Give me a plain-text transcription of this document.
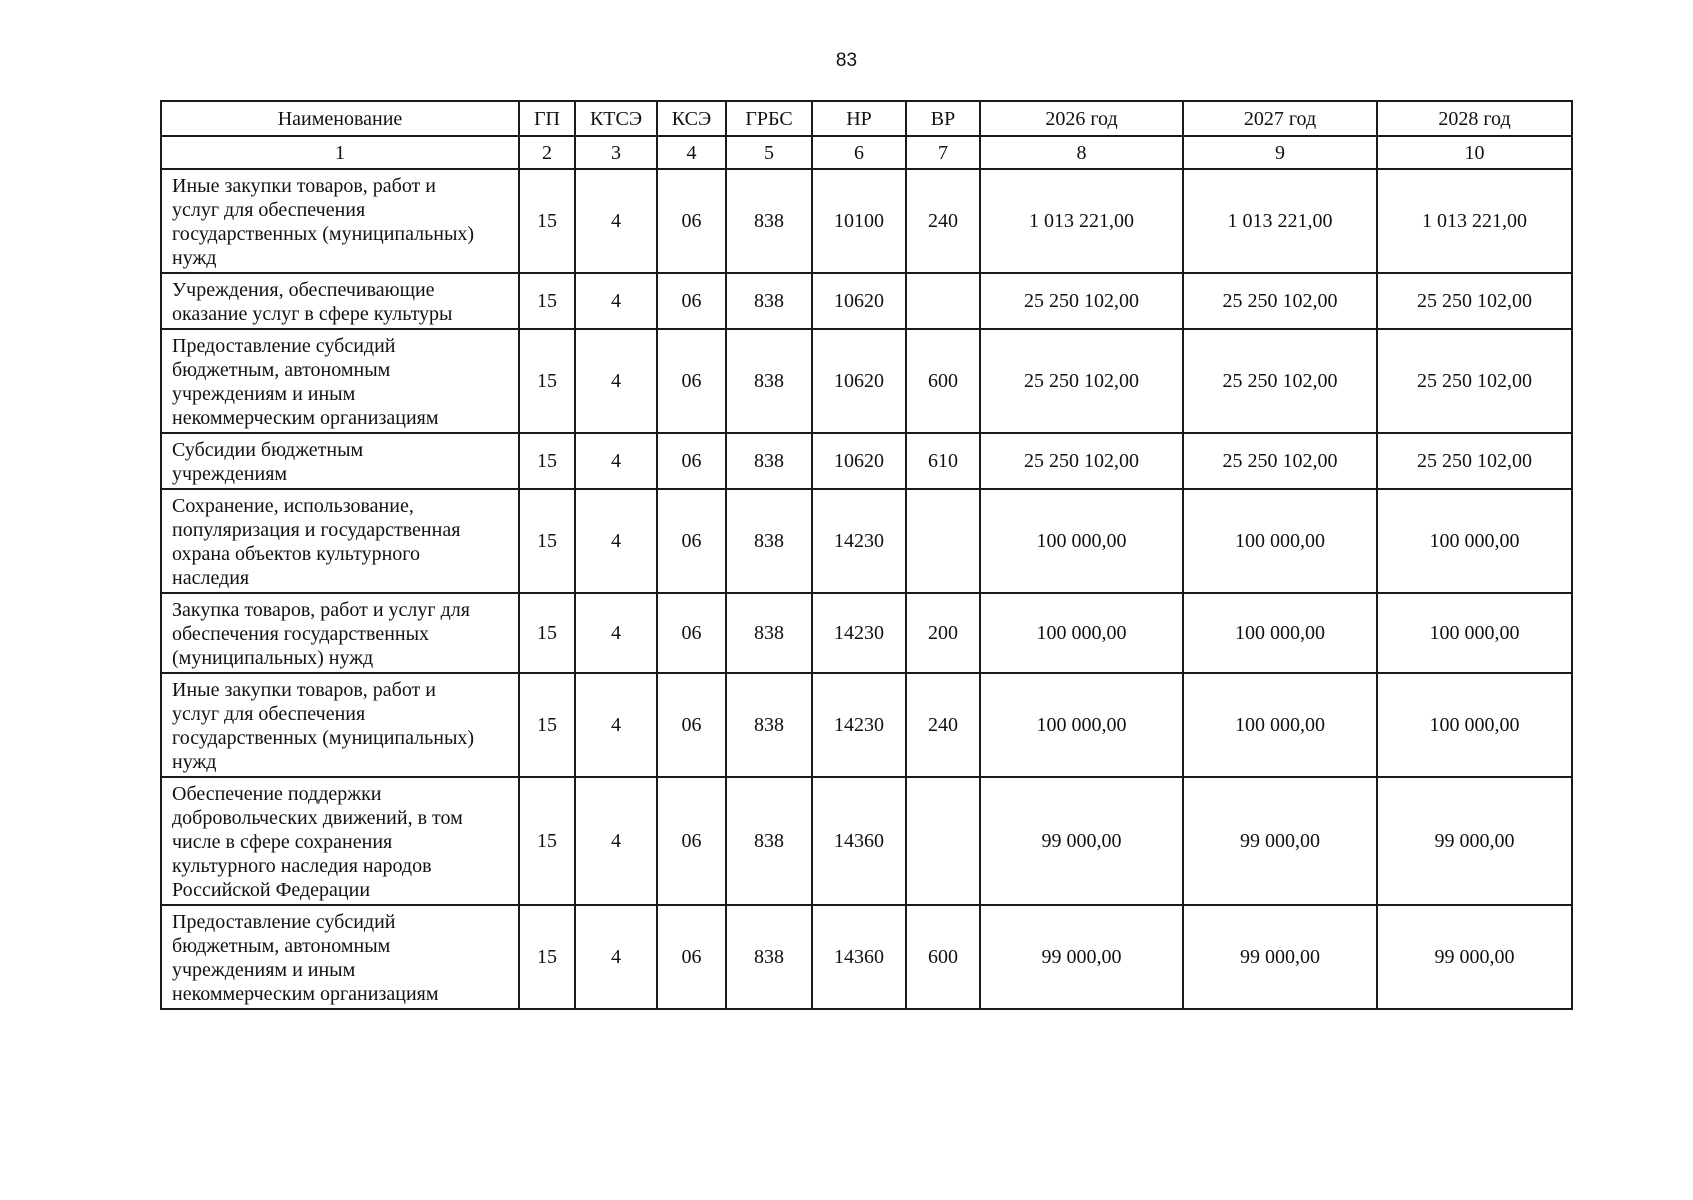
83
Наименование	ГП	КТСЭ	КСЭ	ГРБС	НР	ВР	2026 год	2027 год	2028 год
1	2	3	4	5	6	7	8	9	10

Иные закупки товаров, работ и
услуг для обеспечения
государственных (муниципальных)
нужд	15	4	06	838	10100	240	1 013 221,00	1 013 221,00	1 013 221,00

Учреждения, обеспечивающие
оказание услуг в сфере культуры	15	4	06	838	10620		25 250 102,00	25 250 102,00	25 250 102,00

Предоставление субсидий
бюджетным, автономным
учреждениям и иным
некоммерческим организациям	15	4	06	838	10620	600	25 250 102,00	25 250 102,00	25 250 102,00

Субсидии бюджетным
учреждениям	15	4	06	838	10620	610	25 250 102,00	25 250 102,00	25 250 102,00

Сохранение, использование,
популяризация и государственная
охрана объектов культурного
наследия	15	4	06	838	14230		100 000,00	100 000,00	100 000,00

Закупка товаров, работ и услуг для
обеспечения государственных
(муниципальных) нужд	15	4	06	838	14230	200	100 000,00	100 000,00	100 000,00

Иные закупки товаров, работ и
услуг для обеспечения
государственных (муниципальных)
нужд	15	4	06	838	14230	240	100 000,00	100 000,00	100 000,00

Обеспечение поддержки
добровольческих движений, в том
числе в сфере сохранения
культурного наследия народов
Российской Федерации	15	4	06	838	14360		99 000,00	99 000,00	99 000,00

Предоставление субсидий
бюджетным, автономным
учреждениям и иным
некоммерческим организациям	15	4	06	838	14360	600	99 000,00	99 000,00	99 000,00
